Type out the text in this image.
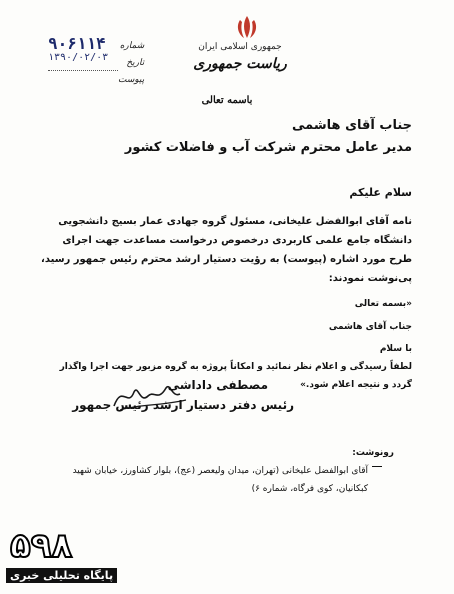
جمهوری اسلامی ایران
ریاست جمهوری
۹۰۶۱۱۴
۱۳۹۰/۰۲/۰۳
شماره
تاریخ
پیوست
باسمه تعالی
جناب آقای هاشمی
مدیر عامل محترم شرکت آب و فاضلات کشور
سلام علیکم
نامه آقای ابوالفضل علیخانی، مسئول گروه جهادی عمار بسیج دانشجویی دانشگاه جامع علمی کاربردی درخصوص درخواست مساعدت جهت اجرای طرح مورد اشاره (پیوست) به رؤیت دستیار ارشد محترم رئیس جمهور رسید، پی‌نوشت نمودند:
«بسمه تعالی
جناب آقای هاشمی
با سلام
لطفاً رسیدگی و اعلام نظر نمائید و امکاناً پروژه به گروه مزبور جهت اجرا واگذار گردد و نتیجه اعلام شود.»
مصطفی داداشی
رئیس دفتر دستیار ارشد رئیس جمهور
رونوشت:
آقای ابوالفضل علیخانی (تهران، میدان ولیعصر (عج)، بلوار کشاورز، خیابان شهید کبکانیان، کوی فرگاه، شماره ۶)
۵۹۸
پایگاه تحلیلی خبری
